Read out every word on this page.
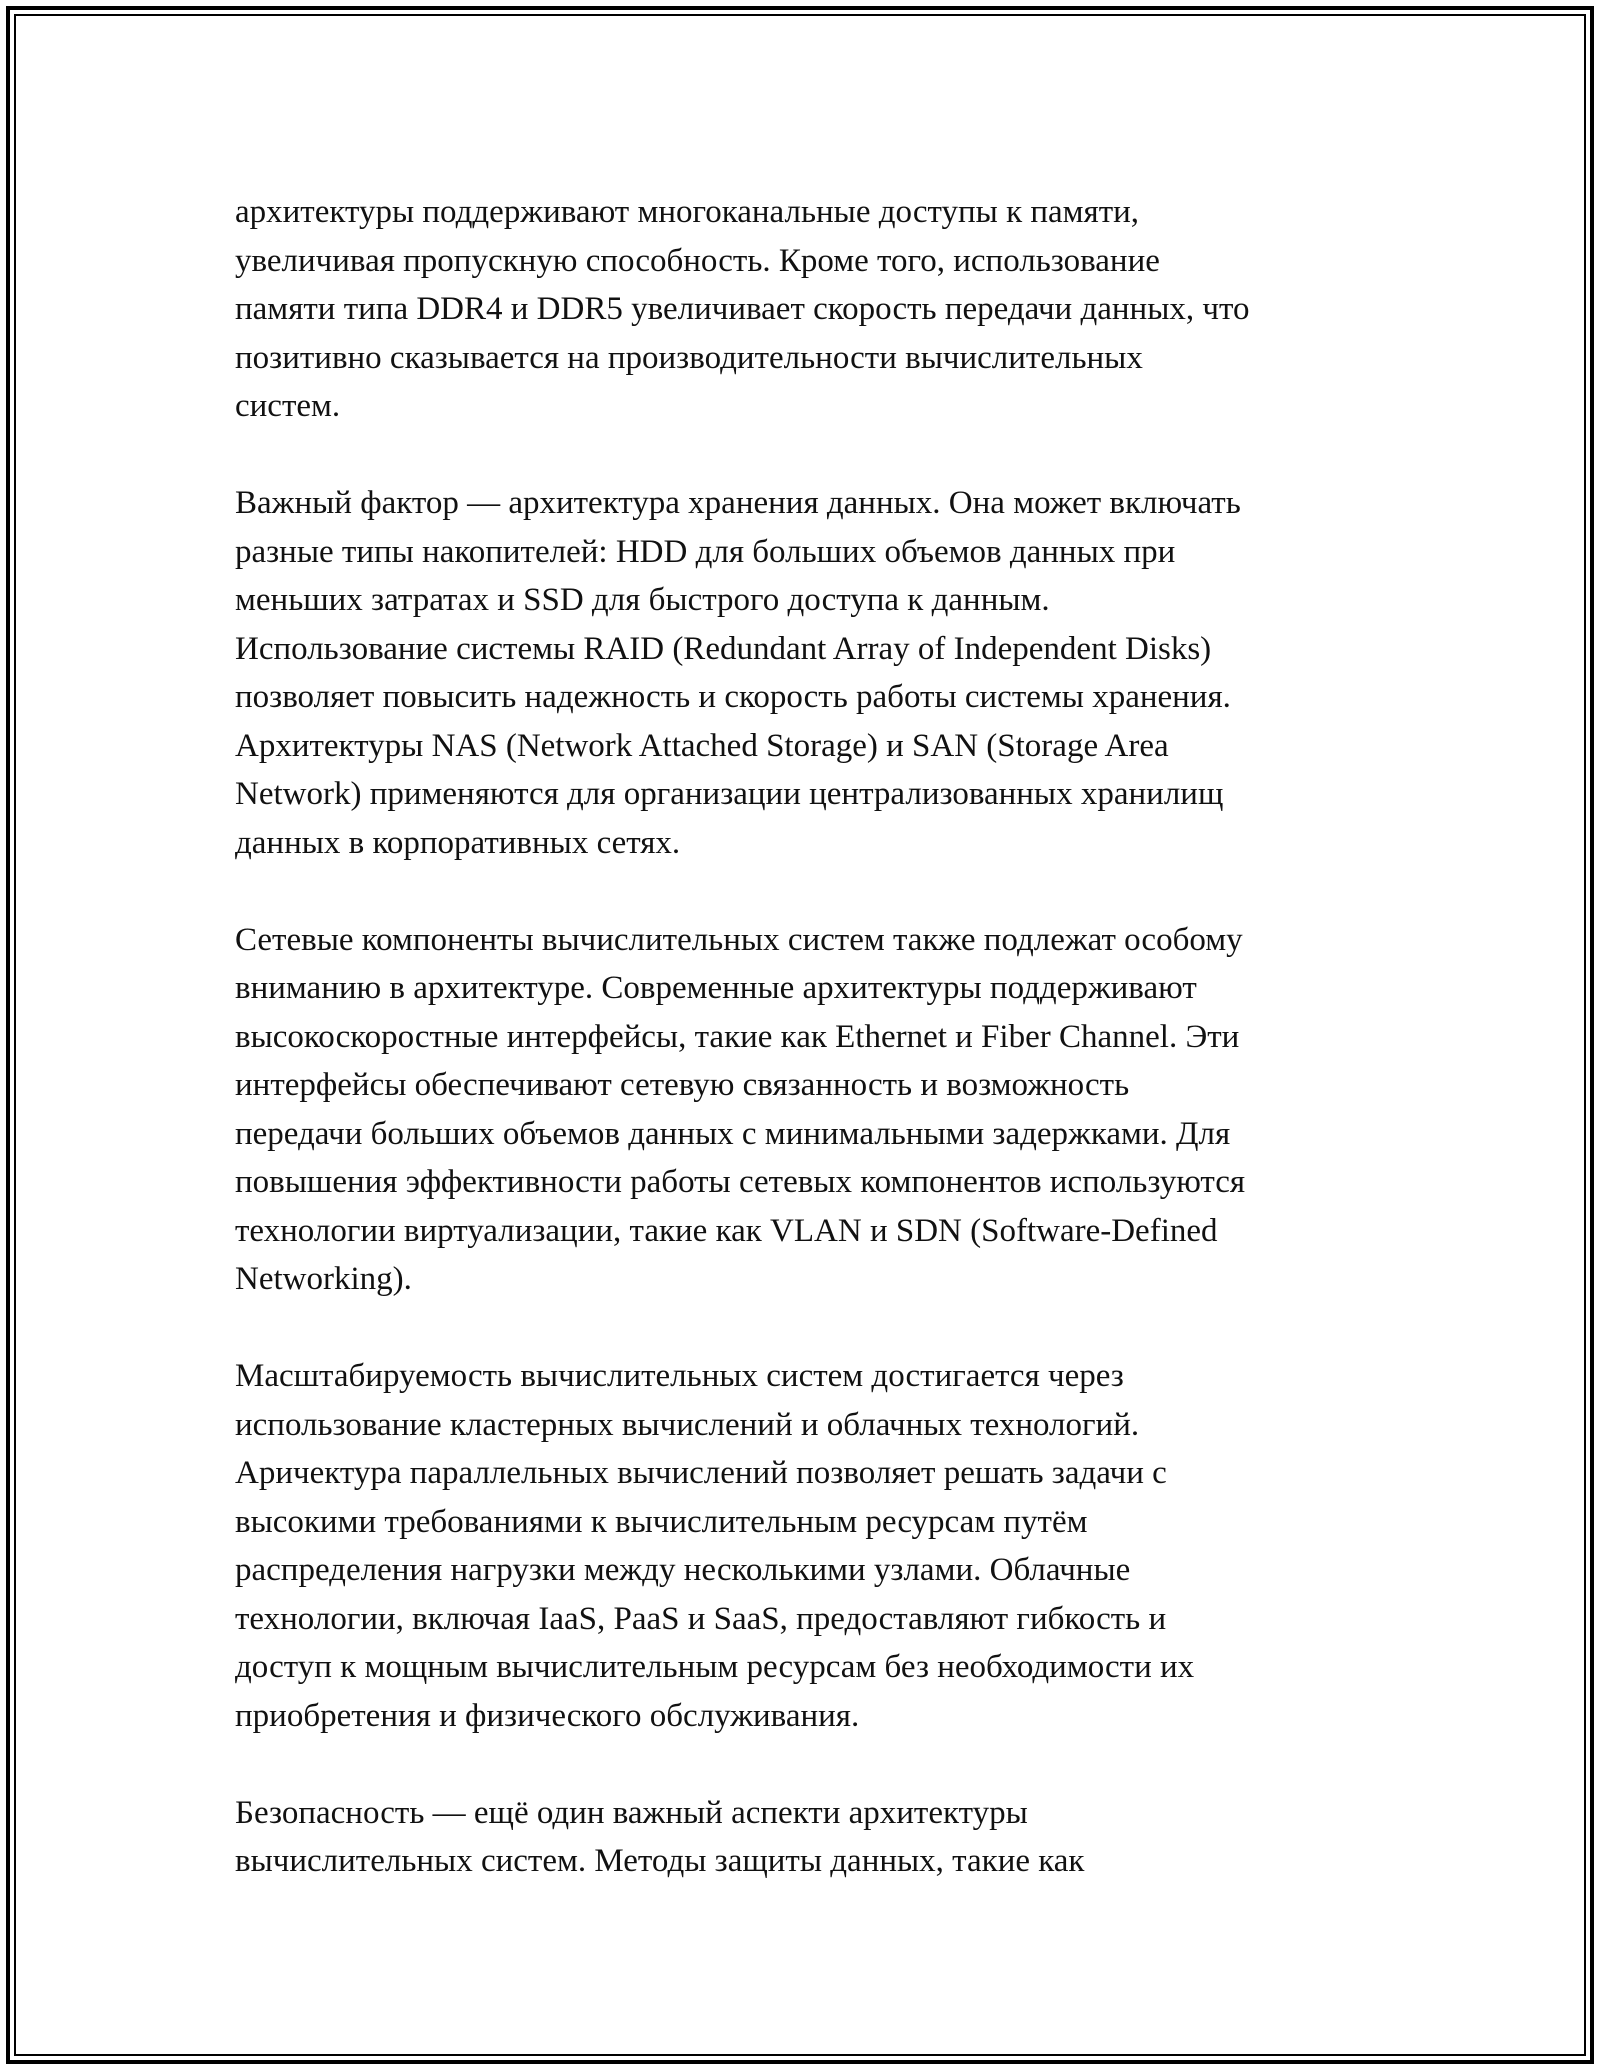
архитектуры поддерживают многоканальные доступы к памяти,
увеличивая пропускную способность. Кроме того, использование
памяти типа DDR4 и DDR5 увеличивает скорость передачи данных, что
позитивно сказывается на производительности вычислительных
систем.
Важный фактор — архитектура хранения данных. Она может включать
разные типы накопителей: HDD для больших объемов данных при
меньших затратах и SSD для быстрого доступа к данным.
Использование системы RAID (Redundant Array of Independent Disks)
позволяет повысить надежность и скорость работы системы хранения.
Архитектуры NAS (Network Attached Storage) и SAN (Storage Area
Network) применяются для организации централизованных хранилищ
данных в корпоративных сетях.
Сетевые компоненты вычислительных систем также подлежат особому
вниманию в архитектуре. Современные архитектуры поддерживают
высокоскоростные интерфейсы, такие как Ethernet и Fiber Channel. Эти
интерфейсы обеспечивают сетевую связанность и возможность
передачи больших объемов данных с минимальными задержками. Для
повышения эффективности работы сетевых компонентов используются
технологии виртуализации, такие как VLAN и SDN (Software-Defined
Networking).
Масштабируемость вычислительных систем достигается через
использование кластерных вычислений и облачных технологий.
Аричектура параллельных вычислений позволяет решать задачи с
высокими требованиями к вычислительным ресурсам путём
распределения нагрузки между несколькими узлами. Облачные
технологии, включая IaaS, PaaS и SaaS, предоставляют гибкость и
доступ к мощным вычислительным ресурсам без необходимости их
приобретения и физического обслуживания.
Безопасность — ещё один важный аспекти архитектуры
вычислительных систем. Методы защиты данных, такие как
